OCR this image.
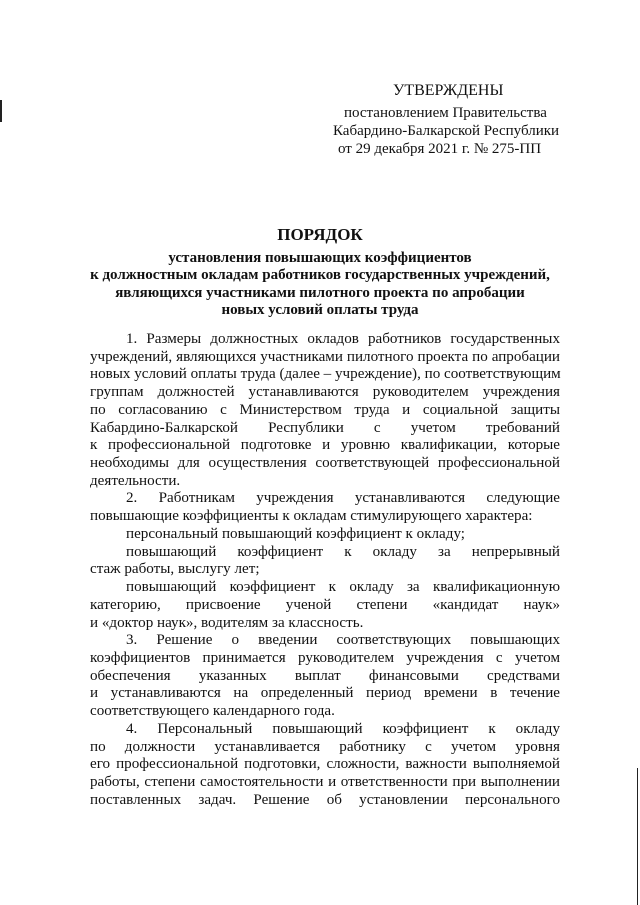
УТВЕРЖДЕНЫ
постановлением Правительства
Кабардино-Балкарской Республики
от 29 декабря 2021 г. № 275-ПП
ПОРЯДОК
установления повышающих коэффициентов
к должностным окладам работников государственных учреждений,
являющихся участниками пилотного проекта по апробации
новых условий оплаты труда
1. Размеры должностных окладов работников государственных
учреждений, являющихся участниками пилотного проекта по апробации
новых условий оплаты труда (далее – учреждение), по соответствующим
группам должностей устанавливаются руководителем учреждения
по согласованию с Министерством труда и социальной защиты
Кабардино-Балкарской Республики с учетом требований
к профессиональной подготовке и уровню квалификации, которые
необходимы для осуществления соответствующей профессиональной
деятельности.
2. Работникам учреждения устанавливаются следующие
повышающие коэффициенты к окладам стимулирующего характера:
персональный повышающий коэффициент к окладу;
повышающий коэффициент к окладу за непрерывный
стаж работы, выслугу лет;
повышающий коэффициент к окладу за квалификационную
категорию, присвоение ученой степени «кандидат наук»
и «доктор наук», водителям за классность.
3. Решение о введении соответствующих повышающих
коэффициентов принимается руководителем учреждения с учетом
обеспечения указанных выплат финансовыми средствами
и устанавливаются на определенный период времени в течение
соответствующего календарного года.
4. Персональный повышающий коэффициент к окладу
по должности устанавливается работнику с учетом уровня
его профессиональной подготовки, сложности, важности выполняемой
работы, степени самостоятельности и ответственности при выполнении
поставленных задач. Решение об установлении персонального
